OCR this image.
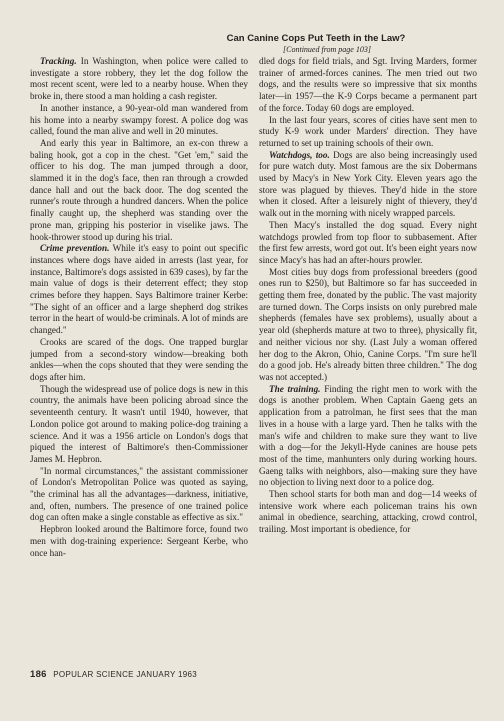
Can Canine Cops Put Teeth in the Law?
[Continued from page 103]

Tracking. In Washington, when police were called to investigate a store robbery, they let the dog follow the most recent scent, were led to a nearby house. When they broke in, there stood a man holding a cash register.

In another instance, a 90-year-old man wandered from his home into a nearby swampy forest. A police dog was called, found the man alive and well in 20 minutes.

And early this year in Baltimore, an ex-con threw a baling hook, got a cop in the chest. "Get 'em," said the officer to his dog. The man jumped through a door, slammed it in the dog's face, then ran through a crowded dance hall and out the back door. The dog scented the runner's route through a hundred dancers. When the police finally caught up, the shepherd was standing over the prone man, gripping his posterior in viselike jaws. The hook-thrower stood up during his trial.

Crime prevention. While it's easy to point out specific instances where dogs have aided in arrests (last year, for instance, Baltimore's dogs assisted in 639 cases), by far the main value of dogs is their deterrent effect; they stop crimes before they happen. Says Baltimore trainer Kerbe: "The sight of an officer and a large shepherd dog strikes terror in the heart of would-be criminals. A lot of minds are changed."

Crooks are scared of the dogs. One trapped burglar jumped from a second-story window—breaking both ankles—when the cops shouted that they were sending the dogs after him.

Though the widespread use of police dogs is new in this country, the animals have been policing abroad since the seventeenth century. It wasn't until 1940, however, that London police got around to making police-dog training a science. And it was a 1956 article on London's dogs that piqued the interest of Baltimore's then-Commissioner James M. Hepbron.

"In normal circumstances," the assistant commissioner of London's Metropolitan Police was quoted as saying, "the criminal has all the advantages—darkness, initiative, and, often, numbers. The presence of one trained police dog can often make a single constable as effective as six."

Hepbron looked around the Baltimore force, found two men with dog-training experience: Sergeant Kerbe, who once han-

dled dogs for field trials, and Sgt. Irving Marders, former trainer of armed-forces canines. The men tried out two dogs, and the results were so impressive that six months later—in 1957—the K-9 Corps became a permanent part of the force. Today 60 dogs are employed.

In the last four years, scores of cities have sent men to study K-9 work under Marders' direction. They have returned to set up training schools of their own.

Watchdogs, too. Dogs are also being increasingly used for pure watch duty. Most famous are the six Dobermans used by Macy's in New York City. Eleven years ago the store was plagued by thieves. They'd hide in the store when it closed. After a leisurely night of thievery, they'd walk out in the morning with nicely wrapped parcels.

Then Macy's installed the dog squad. Every night watchdogs prowled from top floor to subbasement. After the first few arrests, word got out. It's been eight years now since Macy's has had an after-hours prowler.

Most cities buy dogs from professional breeders (good ones run to $250), but Baltimore so far has succeeded in getting them free, donated by the public. The vast majority are turned down. The Corps insists on only purebred male shepherds (females have sex problems), usually about a year old (shepherds mature at two to three), physically fit, and neither vicious nor shy. (Last July a woman offered her dog to the Akron, Ohio, Canine Corps. "I'm sure he'll do a good job. He's already bitten three children." The dog was not accepted.)

The training. Finding the right men to work with the dogs is another problem. When Captain Gaeng gets an application from a patrolman, he first sees that the man lives in a house with a large yard. Then he talks with the man's wife and children to make sure they want to live with a dog—for the Jekyll-Hyde canines are house pets most of the time, manhunters only during working hours. Gaeng talks with neighbors, also—making sure they have no objection to living next door to a police dog.

Then school starts for both man and dog—14 weeks of intensive work where each policeman trains his own animal in obedience, searching, attacking, crowd control, trailing. Most important is obedience, for

186 POPULAR SCIENCE JANUARY 1963
